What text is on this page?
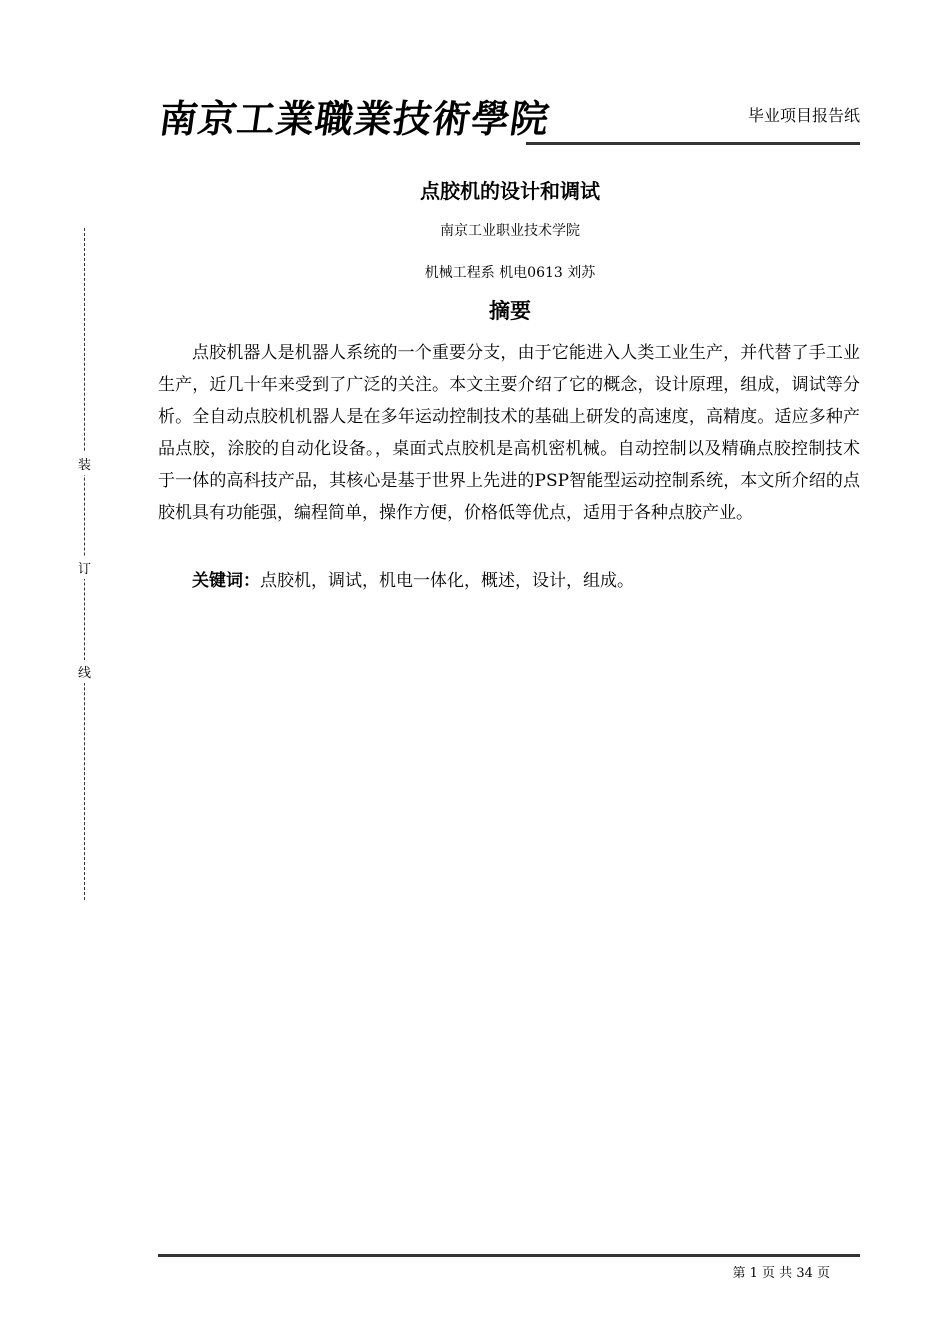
南京工業職業技術學院	毕业项目报告纸
装
订
线
点胶机的设计和调试
南京工业职业技术学院
机械工程系 机电0613 刘苏
摘要
点胶机器人是机器人系统的一个重要分支，由于它能进入人类工业生产，并代替了手工业生产，近几十年来受到了广泛的关注。本文主要介绍了它的概念，设计原理，组成，调试等分析。全自动点胶机机器人是在多年运动控制技术的基础上研发的高速度，高精度。适应多种产品点胶，涂胶的自动化设备。，桌面式点胶机是高机密机械。自动控制以及精确点胶控制技术于一体的高科技产品，其核心是基于世界上先进的PSP智能型运动控制系统，本文所介绍的点胶机具有功能强，编程简单，操作方便，价格低等优点，适用于各种点胶产业。
关键词：点胶机，调试，机电一体化，概述，设计，组成。
第 1 页 共 34 页
